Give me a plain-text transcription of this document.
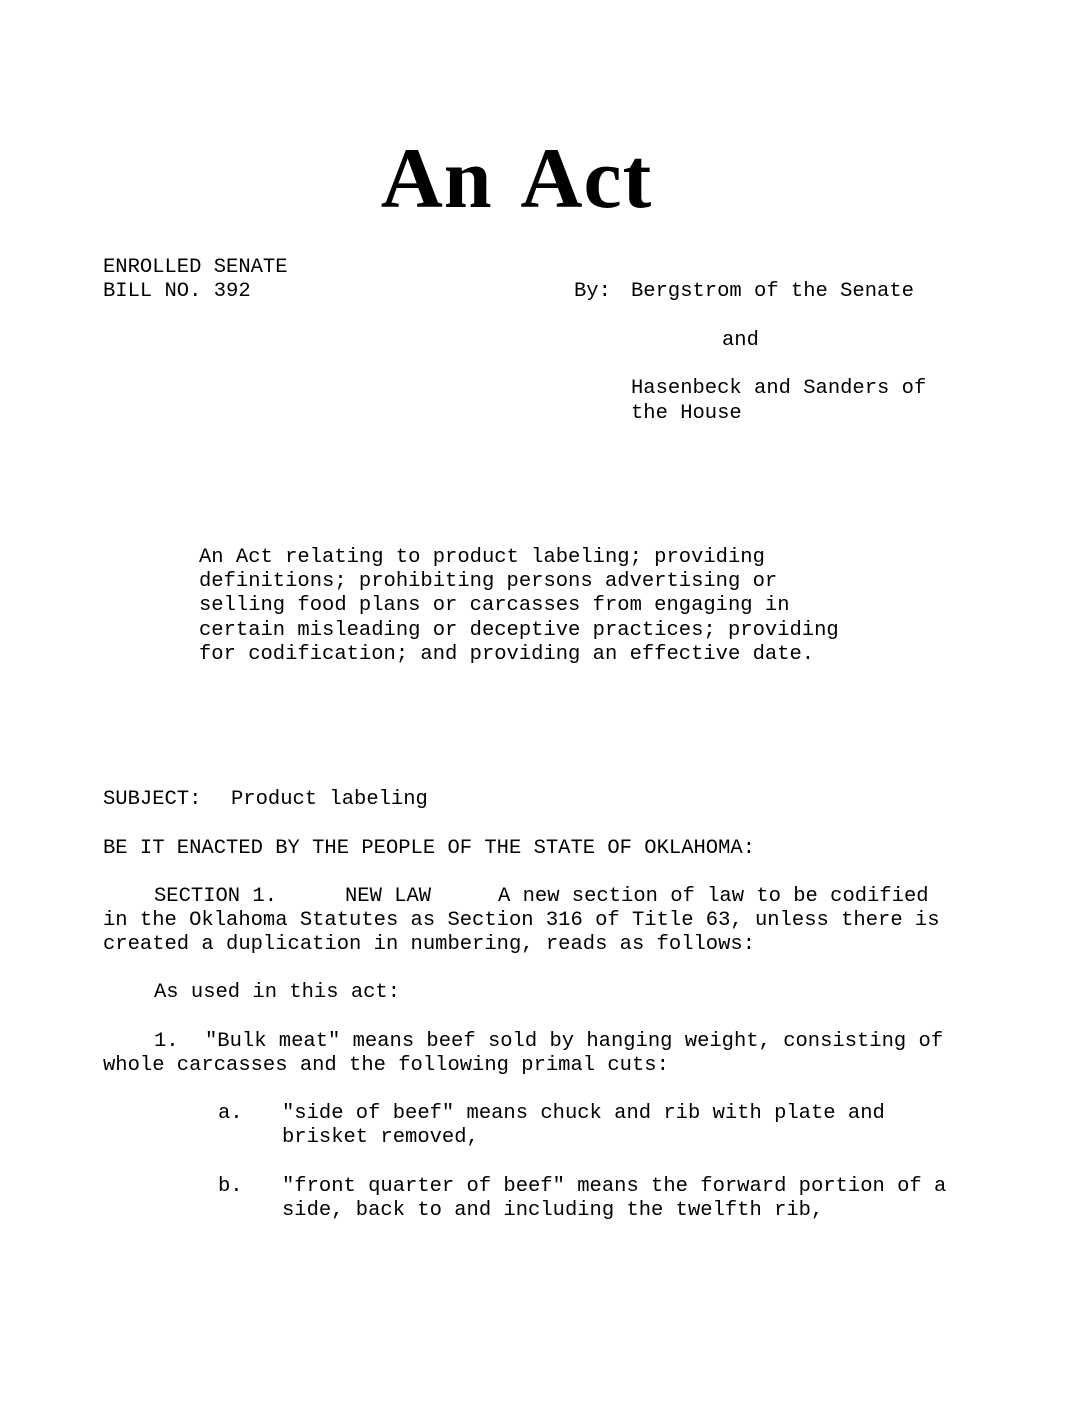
An Act
ENROLLED SENATE
BILL NO. 392	By: Bergstrom of the Senate
and
Hasenbeck and Sanders of
the House
An Act relating to product labeling; providing
definitions; prohibiting persons advertising or
selling food plans or carcasses from engaging in
certain misleading or deceptive practices; providing
for codification; and providing an effective date.
SUBJECT: Product labeling
BE IT ENACTED BY THE PEOPLE OF THE STATE OF OKLAHOMA:
SECTION 1.	NEW LAW	A new section of law to be codified
in the Oklahoma Statutes as Section 316 of Title 63, unless there is
created a duplication in numbering, reads as follows:
As used in this act:
1. "Bulk meat" means beef sold by hanging weight, consisting of
whole carcasses and the following primal cuts:
a. "side of beef" means chuck and rib with plate and
brisket removed,
b. "front quarter of beef" means the forward portion of a
side, back to and including the twelfth rib,
